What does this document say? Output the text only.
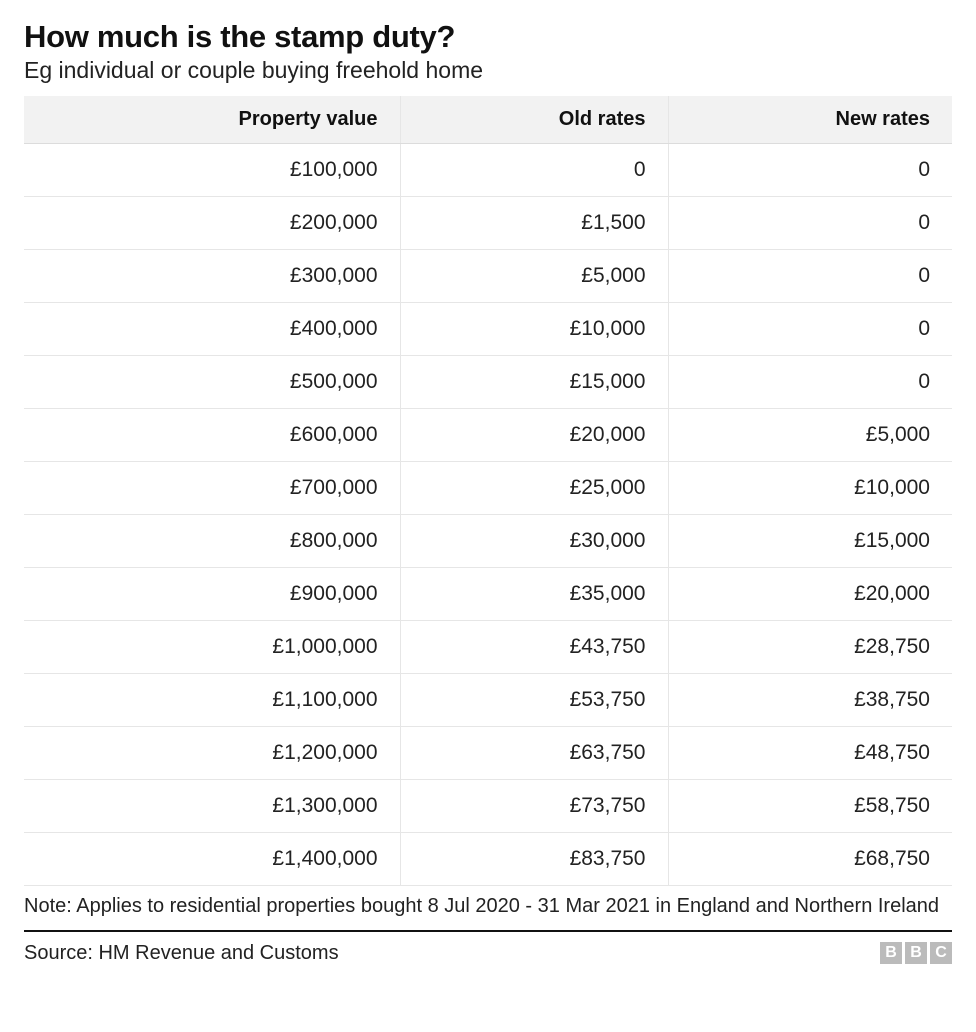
How much is the stamp duty?
Eg individual or couple buying freehold home
Property value	Old rates	New rates
£100,000	0	0
£200,000	£1,500	0
£300,000	£5,000	0
£400,000	£10,000	0
£500,000	£15,000	0
£600,000	£20,000	£5,000
£700,000	£25,000	£10,000
£800,000	£30,000	£15,000
£900,000	£35,000	£20,000
£1,000,000	£43,750	£28,750
£1,100,000	£53,750	£38,750
£1,200,000	£63,750	£48,750
£1,300,000	£73,750	£58,750
£1,400,000	£83,750	£68,750
Note: Applies to residential properties bought 8 Jul 2020 - 31 Mar 2021 in England and Northern Ireland
Source: HM Revenue and Customs	B B C
